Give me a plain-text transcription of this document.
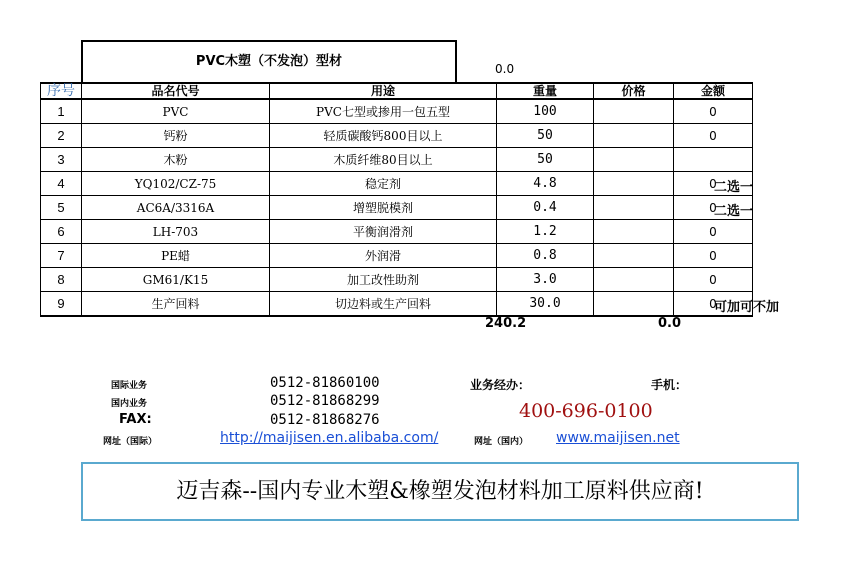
PVC木塑（不发泡）型材	0.0
序号	品名代号	用途	重量	价格	金额
1	PVC	PVC七型或掺用一包五型	100		0
2	钙粉	轻质碳酸钙800目以上	50		0
3	木粉	木质纤维80目以上	50		
4	YQ102/CZ-75	稳定剂	4.8		0
5	AC6A/3316A	增塑脱模剂	0.4		0
6	LH-703	平衡润滑剂	1.2		0
7	PE蜡	外润滑	0.8		0
8	GM61/K15	加工改性助剂	3.0		0
9	生产回料	切边料或生产回料	30.0		0
二选一
二选一
可加可不加
240.2	0.0
国际业务	0512-81860100
国内业务	0512-81868299
FAX:	0512-81868276
网址（国际）	http://maijisen.en.alibaba.com/
业务经办：	手机：
400-696-0100
网址（国内） www.maijisen.net
迈吉森--国内专业木塑&橡塑发泡材料加工原料供应商!
